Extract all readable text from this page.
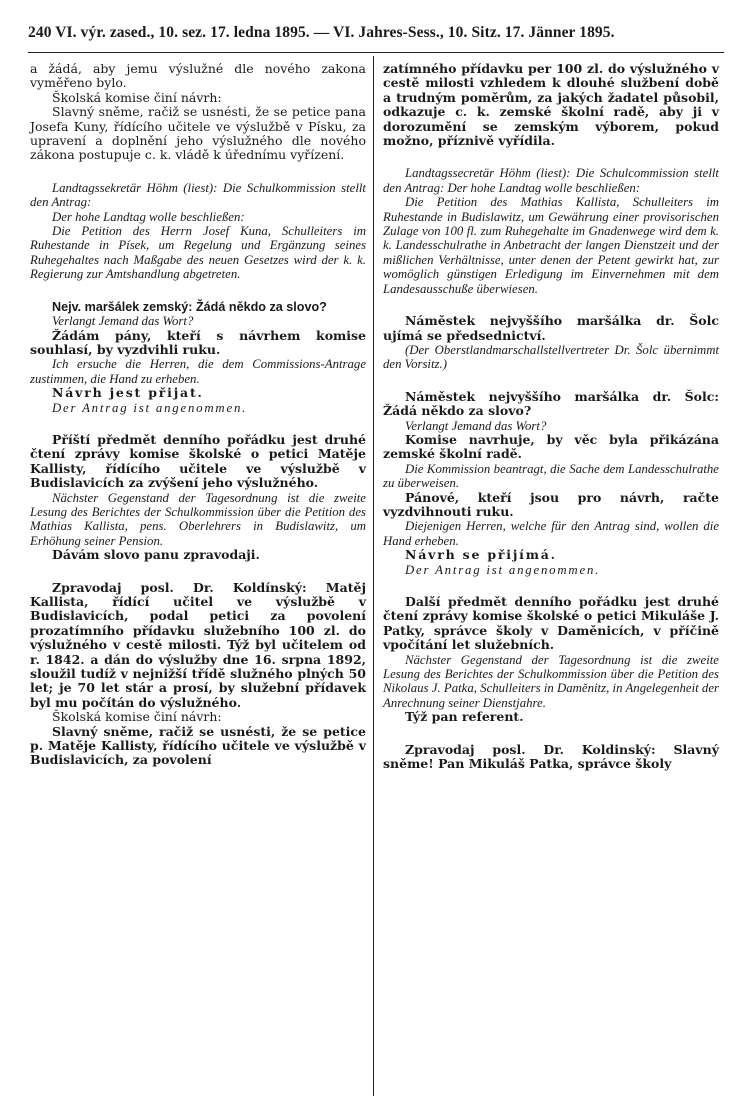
240 VI. výr. zased., 10. sez. 17. ledna 1895. — VI. Jahres-Sess., 10. Sitz. 17. Jänner 1895.

a žádá, aby jemu výslužné dle nového zakona vyměřeno bylo.

Školská komise činí návrh:

Slavný sněme, račiž se usnésti, že se petice pana Josefa Kuny, řídícího učitele ve výslužbě v Písku, za upravení a doplnění jeho výslužného dle nového zákona postupuje c. k. vládě k úřednímu vyřízení.

Landtagssekretär Höhm (liest): Die Schulkommission stellt den Antrag:

Der hohe Landtag wolle beschließen:

Die Petition des Herrn Josef Kuna, Schulleiters im Ruhestande in Písek, um Regelung und Ergänzung seines Ruhegehaltes nach Maßgabe des neuen Gesetzes wird der k. k. Regierung zur Amtshandlung abgetreten.

Nejv. maršálek zemský: Žádá někdo za slovo?

Verlangt Jemand das Wort?

Žádám pány, kteří s návrhem komise souhlasí, by vyzdvihli ruku.

Ich ersuche die Herren, die dem Commissions-Antrage zustimmen, die Hand zu erheben.

Návrh jest přijat.

Der Antrag ist angenommen.

Příští předmět denního pořádku jest druhé čtení zprávy komise školské o petici Matěje Kallisty, řídícího učitele ve výslužbě v Budislavicích za zvýšení jeho výslužného.

Nächster Gegenstand der Tagesordnung ist die zweite Lesung des Berichtes der Schulkommission über die Petition des Mathias Kallista, pens. Oberlehrers in Budislawitz, um Erhöhung seiner Pension.

Dávám slovo panu zpravodaji.

Zpravodaj posl. Dr. Koldínský: Matěj Kallista, řídící učitel ve výslužbě v Budislavicích, podal petici za povolení prozatímního přídavku služebního 100 zl. do výslužného v cestě milosti. Týž byl učitelem od r. 1842. a dán do výslužby dne 16. srpna 1892, sloužil tudíž v nejnižší třídě služného plných 50 let; je 70 let stár a prosí, by služební přídavek byl mu počítán do výslužného.

Školská komise činí návrh:

Slavný sněme, račiž se usnésti, že se petice p. Matěje Kallisty, řídícího učitele ve výslužbě v Budislavicích, za povolení

zatímného přídavku per 100 zl. do výslužného v cestě milosti vzhledem k dlouhé službení době a trudným poměrům, za jakých žadatel působil, odkazuje c. k. zemské školní radě, aby ji v dorozumění se zemským výborem, pokud možno, příznivě vyřídila.

Landtagssecretär Höhm (liest): Die Schulcommission stellt den Antrag: Der hohe Landtag wolle beschließen:

Die Petition des Mathias Kallista, Schulleiters im Ruhestande in Budislawitz, um Gewährung einer provisorischen Zulage von 100 fl. zum Ruhegehalte im Gnadenwege wird dem k. k. Landesschulrathe in Anbetracht der langen Dienstzeit und der mißlichen Verhältnisse, unter denen der Petent gewirkt hat, zur womöglich günstigen Erledigung im Einvernehmen mit dem Landesausschuße überwiesen.

Náměstek nejvyššího maršálka dr. Šolc ujímá se předsednictví.

(Der Oberstlandmarschallstellvertreter Dr. Šolc übernimmt den Vorsitz.)

Náměstek nejvyššího maršálka dr. Šolc: Žádá někdo za slovo?

Verlangt Jemand das Wort?

Komise navrhuje, by věc byla přikázána zemské školní radě.

Die Kommission beantragt, die Sache dem Landesschulrathe zu überweisen.

Pánové, kteří jsou pro návrh, račte vyzdvihnouti ruku.

Diejenigen Herren, welche für den Antrag sind, wollen die Hand erheben.

Návrh se přijímá.

Der Antrag ist angenommen.

Další předmět denního pořádku jest druhé čtení zprávy komise školské o petici Mikuláše J. Patky, správce školy v Daměnicích, v příčině vpočítání let služebních.

Nächster Gegenstand der Tagesordnung ist die zweite Lesung des Berichtes der Schulkommission über die Petition des Nikolaus J. Patka, Schulleiters in Daměnitz, in Angelegenheit der Anrechnung seiner Dienstjahre.

Týž pan referent.

Zpravodaj posl. Dr. Koldinský: Slavný sněme! Pan Mikuláš Patka, správce školy
